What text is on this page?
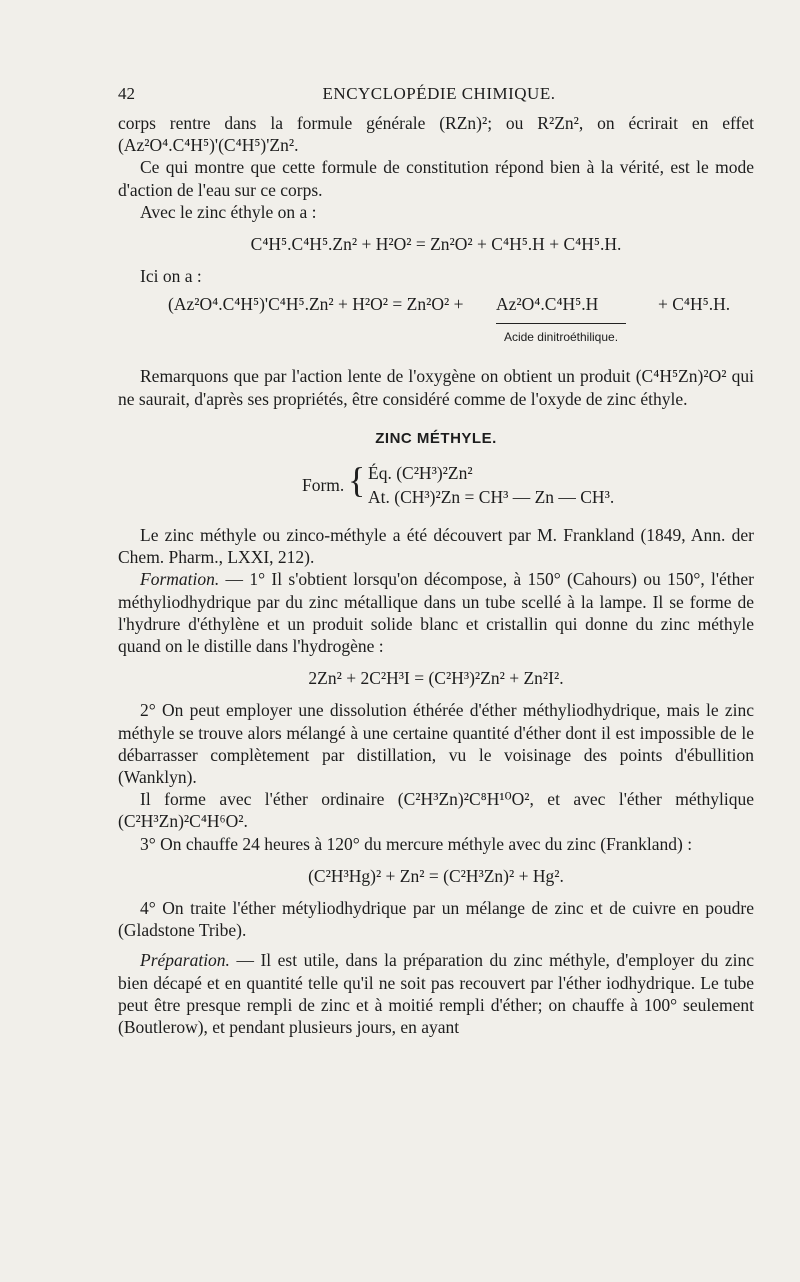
42	ENCYCLOPÉDIE CHIMIQUE.

corps rentre dans la formule générale (RZn)²; ou R²Zn², on écrirait en effet (Az²O⁴.C⁴H⁵)'(C⁴H⁵)'Zn².

Ce qui montre que cette formule de constitution répond bien à la vérité, est le mode d'action de l'eau sur ce corps.

Avec le zinc éthyle on a :

C⁴H⁵.C⁴H⁵.Zn² + H²O² = Zn²O² + C⁴H⁵.H + C⁴H⁵.H.

Ici on a :

(Az²O⁴.C⁴H⁵)'C⁴H⁵.Zn² + H²O² = Zn²O² + Az²O⁴.C⁴H⁵.H	+ C⁴H⁵.H.
Acide dinitroéthilique.

Remarquons que par l'action lente de l'oxygène on obtient un produit (C⁴H⁵Zn)²O² qui ne saurait, d'après ses propriétés, être considéré comme de l'oxyde de zinc éthyle.

ZINC MÉTHYLE.
Form. { Éq. (C²H³)²Zn²
At. (CH³)²Zn = CH³ — Zn — CH³.

Le zinc méthyle ou zinco-méthyle a été découvert par M. Frankland (1849, Ann. der Chem. Pharm., LXXI, 212).

Formation. — 1° Il s'obtient lorsqu'on décompose, à 150° (Cahours) ou 150°, l'éther méthyliodhydrique par du zinc métallique dans un tube scellé à la lampe. Il se forme de l'hydrure d'éthylène et un produit solide blanc et cristallin qui donne du zinc méthyle quand on le distille dans l'hydrogène :

2Zn² + 2C²H³I = (C²H³)²Zn² + Zn²I².

2° On peut employer une dissolution éthérée d'éther méthyliodhydrique, mais le zinc méthyle se trouve alors mélangé à une certaine quantité d'éther dont il est impossible de le débarrasser complètement par distillation, vu le voisinage des points d'ébullition (Wanklyn).

Il forme avec l'éther ordinaire (C²H³Zn)²C⁸H¹⁰O², et avec l'éther méthylique (C²H³Zn)²C⁴H⁶O².

3° On chauffe 24 heures à 120° du mercure méthyle avec du zinc (Frankland) :

(C²H³Hg)² + Zn² = (C²H³Zn)² + Hg².

4° On traite l'éther métyliodhydrique par un mélange de zinc et de cuivre en poudre (Gladstone Tribe).

Préparation. — Il est utile, dans la préparation du zinc méthyle, d'employer du zinc bien décapé et en quantité telle qu'il ne soit pas recouvert par l'éther iodhydrique. Le tube peut être presque rempli de zinc et à moitié rempli d'éther; on chauffe à 100° seulement (Boutlerow), et pendant plusieurs jours, en ayant
